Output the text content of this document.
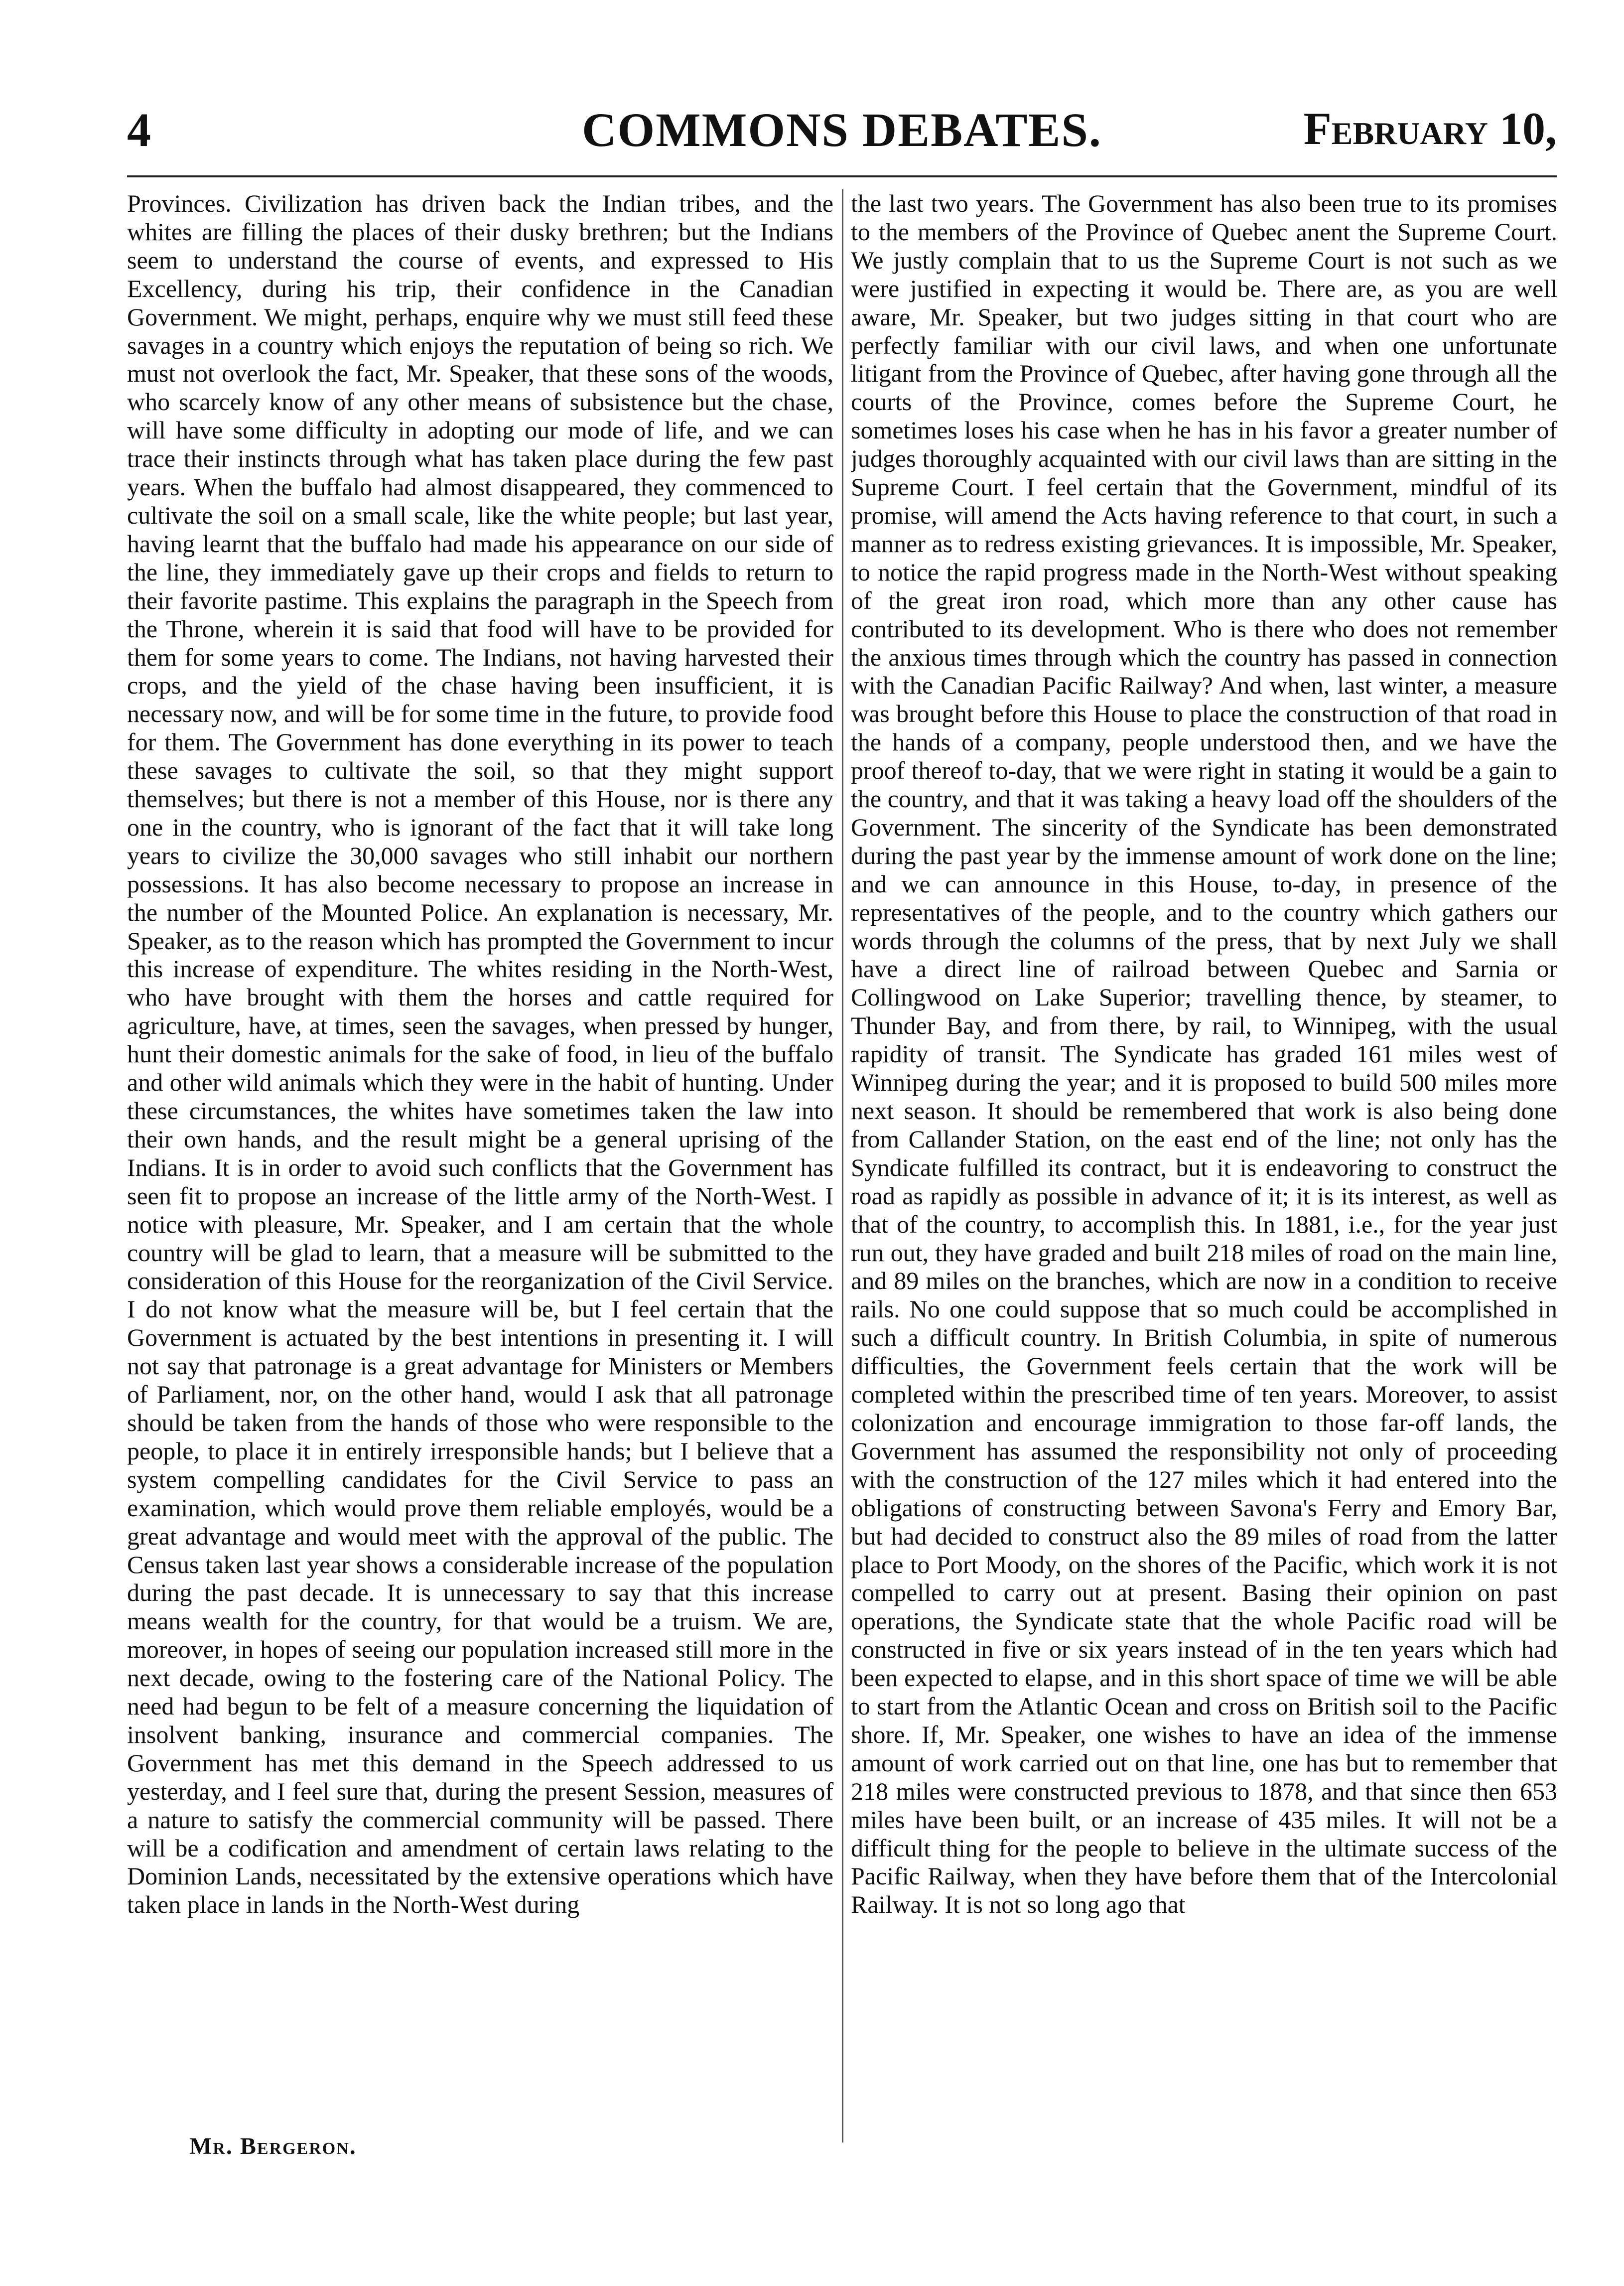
4	COMMONS DEBATES.	February 10,

Provinces. Civilization has driven back the Indian tribes, and the whites are filling the places of their dusky brethren; but the Indians seem to understand the course of events, and expressed to His Excellency, during his trip, their confidence in the Canadian Government. We might, perhaps, enquire why we must still feed these savages in a country which enjoys the reputation of being so rich. We must not overlook the fact, Mr. Speaker, that these sons of the woods, who scarcely know of any other means of subsistence but the chase, will have some difficulty in adopting our mode of life, and we can trace their instincts through what has taken place during the few past years. When the buffalo had almost disappeared, they commenced to cultivate the soil on a small scale, like the white people; but last year, having learnt that the buffalo had made his appearance on our side of the line, they immediately gave up their crops and fields to return to their favorite pastime. This explains the paragraph in the Speech from the Throne, wherein it is said that food will have to be provided for them for some years to come. The Indians, not having harvested their crops, and the yield of the chase having been insufficient, it is necessary now, and will be for some time in the future, to provide food for them. The Government has done everything in its power to teach these savages to cultivate the soil, so that they might support themselves; but there is not a member of this House, nor is there any one in the country, who is ignorant of the fact that it will take long years to civilize the 30,000 savages who still inhabit our northern possessions. It has also become necessary to propose an increase in the number of the Mounted Police. An explanation is necessary, Mr. Speaker, as to the reason which has prompted the Government to incur this increase of expenditure. The whites residing in the North-West, who have brought with them the horses and cattle required for agriculture, have, at times, seen the savages, when pressed by hunger, hunt their domestic animals for the sake of food, in lieu of the buffalo and other wild animals which they were in the habit of hunting. Under these circumstances, the whites have sometimes taken the law into their own hands, and the result might be a general uprising of the Indians. It is in order to avoid such conflicts that the Government has seen fit to propose an increase of the little army of the North-West. I notice with pleasure, Mr. Speaker, and I am certain that the whole country will be glad to learn, that a measure will be submitted to the consideration of this House for the reorganization of the Civil Service. I do not know what the measure will be, but I feel certain that the Government is actuated by the best intentions in presenting it. I will not say that patronage is a great advantage for Ministers or Members of Parliament, nor, on the other hand, would I ask that all patronage should be taken from the hands of those who were responsible to the people, to place it in entirely irresponsible hands; but I believe that a system compelling candidates for the Civil Service to pass an examination, which would prove them reliable employés, would be a great advantage and would meet with the approval of the public. The Census taken last year shows a considerable increase of the population during the past decade. It is unnecessary to say that this increase means wealth for the country, for that would be a truism. We are, moreover, in hopes of seeing our population increased still more in the next decade, owing to the fostering care of the National Policy. The need had begun to be felt of a measure concerning the liquidation of insolvent banking, insurance and commercial companies. The Government has met this demand in the Speech addressed to us yesterday, and I feel sure that, during the present Session, measures of a nature to satisfy the commercial community will be passed. There will be a codification and amendment of certain laws relating to the Dominion Lands, necessitated by the extensive operations which have taken place in lands in the North-West during

the last two years. The Government has also been true to its promises to the members of the Province of Quebec anent the Supreme Court. We justly complain that to us the Supreme Court is not such as we were justified in expecting it would be. There are, as you are well aware, Mr. Speaker, but two judges sitting in that court who are perfectly familiar with our civil laws, and when one unfortunate litigant from the Province of Quebec, after having gone through all the courts of the Province, comes before the Supreme Court, he sometimes loses his case when he has in his favor a greater number of judges thoroughly acquainted with our civil laws than are sitting in the Supreme Court. I feel certain that the Government, mindful of its promise, will amend the Acts having reference to that court, in such a manner as to redress existing grievances. It is impossible, Mr. Speaker, to notice the rapid progress made in the North-West without speaking of the great iron road, which more than any other cause has contributed to its development. Who is there who does not remember the anxious times through which the country has passed in connection with the Canadian Pacific Railway? And when, last winter, a measure was brought before this House to place the construction of that road in the hands of a company, people understood then, and we have the proof thereof to-day, that we were right in stating it would be a gain to the country, and that it was taking a heavy load off the shoulders of the Government. The sincerity of the Syndicate has been demonstrated during the past year by the immense amount of work done on the line; and we can announce in this House, to-day, in presence of the representatives of the people, and to the country which gathers our words through the columns of the press, that by next July we shall have a direct line of railroad between Quebec and Sarnia or Collingwood on Lake Superior; travelling thence, by steamer, to Thunder Bay, and from there, by rail, to Winnipeg, with the usual rapidity of transit. The Syndicate has graded 161 miles west of Winnipeg during the year; and it is proposed to build 500 miles more next season. It should be remembered that work is also being done from Callander Station, on the east end of the line; not only has the Syndicate fulfilled its contract, but it is endeavoring to construct the road as rapidly as possible in advance of it; it is its interest, as well as that of the country, to accomplish this. In 1881, i.e., for the year just run out, they have graded and built 218 miles of road on the main line, and 89 miles on the branches, which are now in a condition to receive rails. No one could suppose that so much could be accomplished in such a difficult country. In British Columbia, in spite of numerous difficulties, the Government feels certain that the work will be completed within the prescribed time of ten years. Moreover, to assist colonization and encourage immigration to those far-off lands, the Government has assumed the responsibility not only of proceeding with the construction of the 127 miles which it had entered into the obligations of constructing between Savona's Ferry and Emory Bar, but had decided to construct also the 89 miles of road from the latter place to Port Moody, on the shores of the Pacific, which work it is not compelled to carry out at present. Basing their opinion on past operations, the Syndicate state that the whole Pacific road will be constructed in five or six years instead of in the ten years which had been expected to elapse, and in this short space of time we will be able to start from the Atlantic Ocean and cross on British soil to the Pacific shore. If, Mr. Speaker, one wishes to have an idea of the immense amount of work carried out on that line, one has but to remember that 218 miles were constructed previous to 1878, and that since then 653 miles have been built, or an increase of 435 miles. It will not be a difficult thing for the people to believe in the ultimate success of the Pacific Railway, when they have before them that of the Intercolonial Railway. It is not so long ago that

Mr. Bergeron.
